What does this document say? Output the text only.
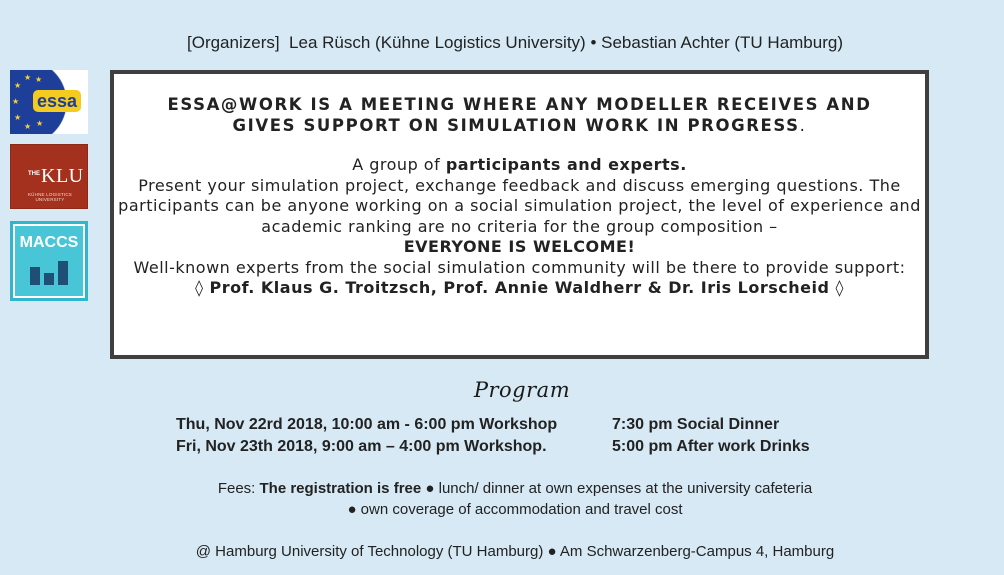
[Organizers]  Lea Rüsch (Kühne Logistics University) • Sebastian Achter (TU Hamburg)
★
★
★
★
★
★
★
essa
THE KLU
KÜHNE LOGISTICS UNIVERSITY
MACCS
ESSA@WORK IS A MEETING WHERE ANY MODELLER RECEIVES AND
GIVES SUPPORT ON SIMULATION WORK IN PROGRESS.

A group of participants and experts.

Present your simulation project, exchange feedback and discuss emerging questions. The participants can be anyone working on a social simulation project, the level of experience and academic ranking are no criteria for the group composition –

EVERYONE IS WELCOME!

Well-known experts from the social simulation community will be there to provide support:

◊ Prof. Klaus G. Troitzsch, Prof. Annie Waldherr & Dr. Iris Lorscheid ◊

Program
Thu, Nov 22rd 2018, 10:00 am - 6:00 pm Workshop	7:30 pm Social Dinner
Fri, Nov 23th 2018, 9:00 am – 4:00 pm Workshop.	5:00 pm After work Drinks
Fees: The registration is free ● lunch/ dinner at own expenses at the university cafeteria
● own coverage of accommodation and travel cost
@ Hamburg University of Technology (TU Hamburg) ● Am Schwarzenberg-Campus 4, Hamburg
